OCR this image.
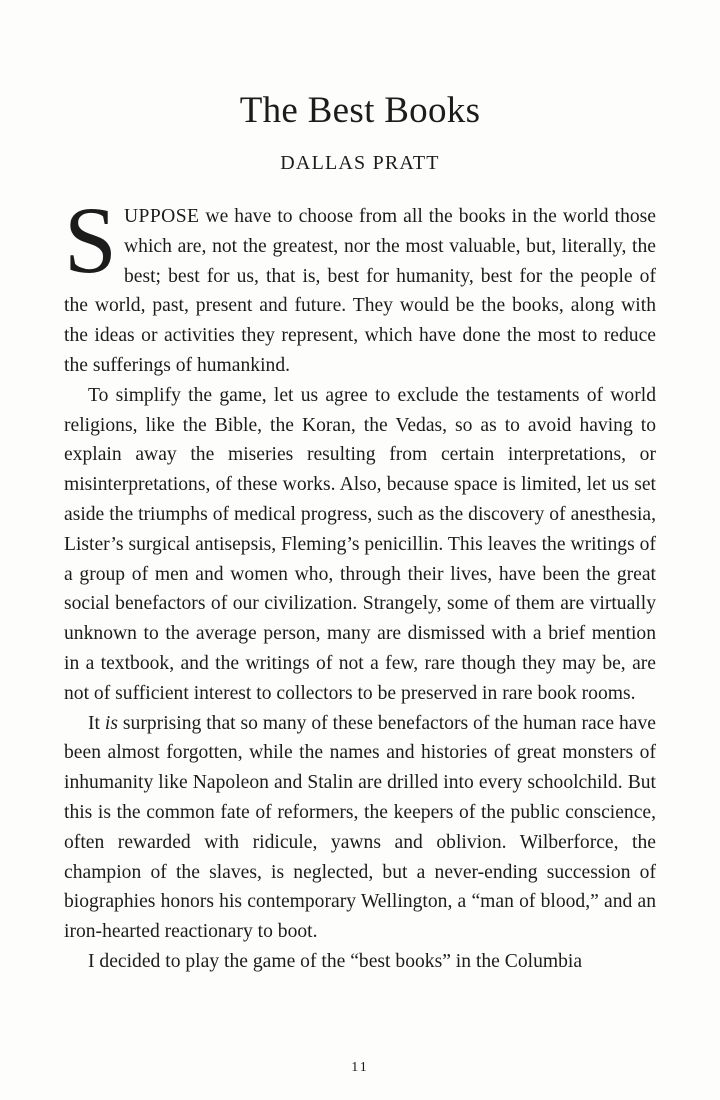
The Best Books
DALLAS PRATT

SUPPOSE we have to choose from all the books in the world those which are, not the greatest, nor the most valuable, but, literally, the best; best for us, that is, best for humanity, best for the people of the world, past, present and future. They would be the books, along with the ideas or activities they represent, which have done the most to reduce the sufferings of humankind.

To simplify the game, let us agree to exclude the testaments of world religions, like the Bible, the Koran, the Vedas, so as to avoid having to explain away the miseries resulting from certain interpretations, or misinterpretations, of these works. Also, because space is limited, let us set aside the triumphs of medical progress, such as the discovery of anesthesia, Lister’s surgical antisepsis, Fleming’s penicillin. This leaves the writings of a group of men and women who, through their lives, have been the great social benefactors of our civilization. Strangely, some of them are virtually unknown to the average person, many are dismissed with a brief mention in a textbook, and the writings of not a few, rare though they may be, are not of sufficient interest to collectors to be preserved in rare book rooms.

It is surprising that so many of these benefactors of the human race have been almost forgotten, while the names and histories of great monsters of inhumanity like Napoleon and Stalin are drilled into every schoolchild. But this is the common fate of reformers, the keepers of the public conscience, often rewarded with ridicule, yawns and oblivion. Wilberforce, the champion of the slaves, is neglected, but a never-ending succession of biographies honors his contemporary Wellington, a “man of blood,” and an iron-hearted reactionary to boot.

I decided to play the game of the “best books” in the Columbia

11
